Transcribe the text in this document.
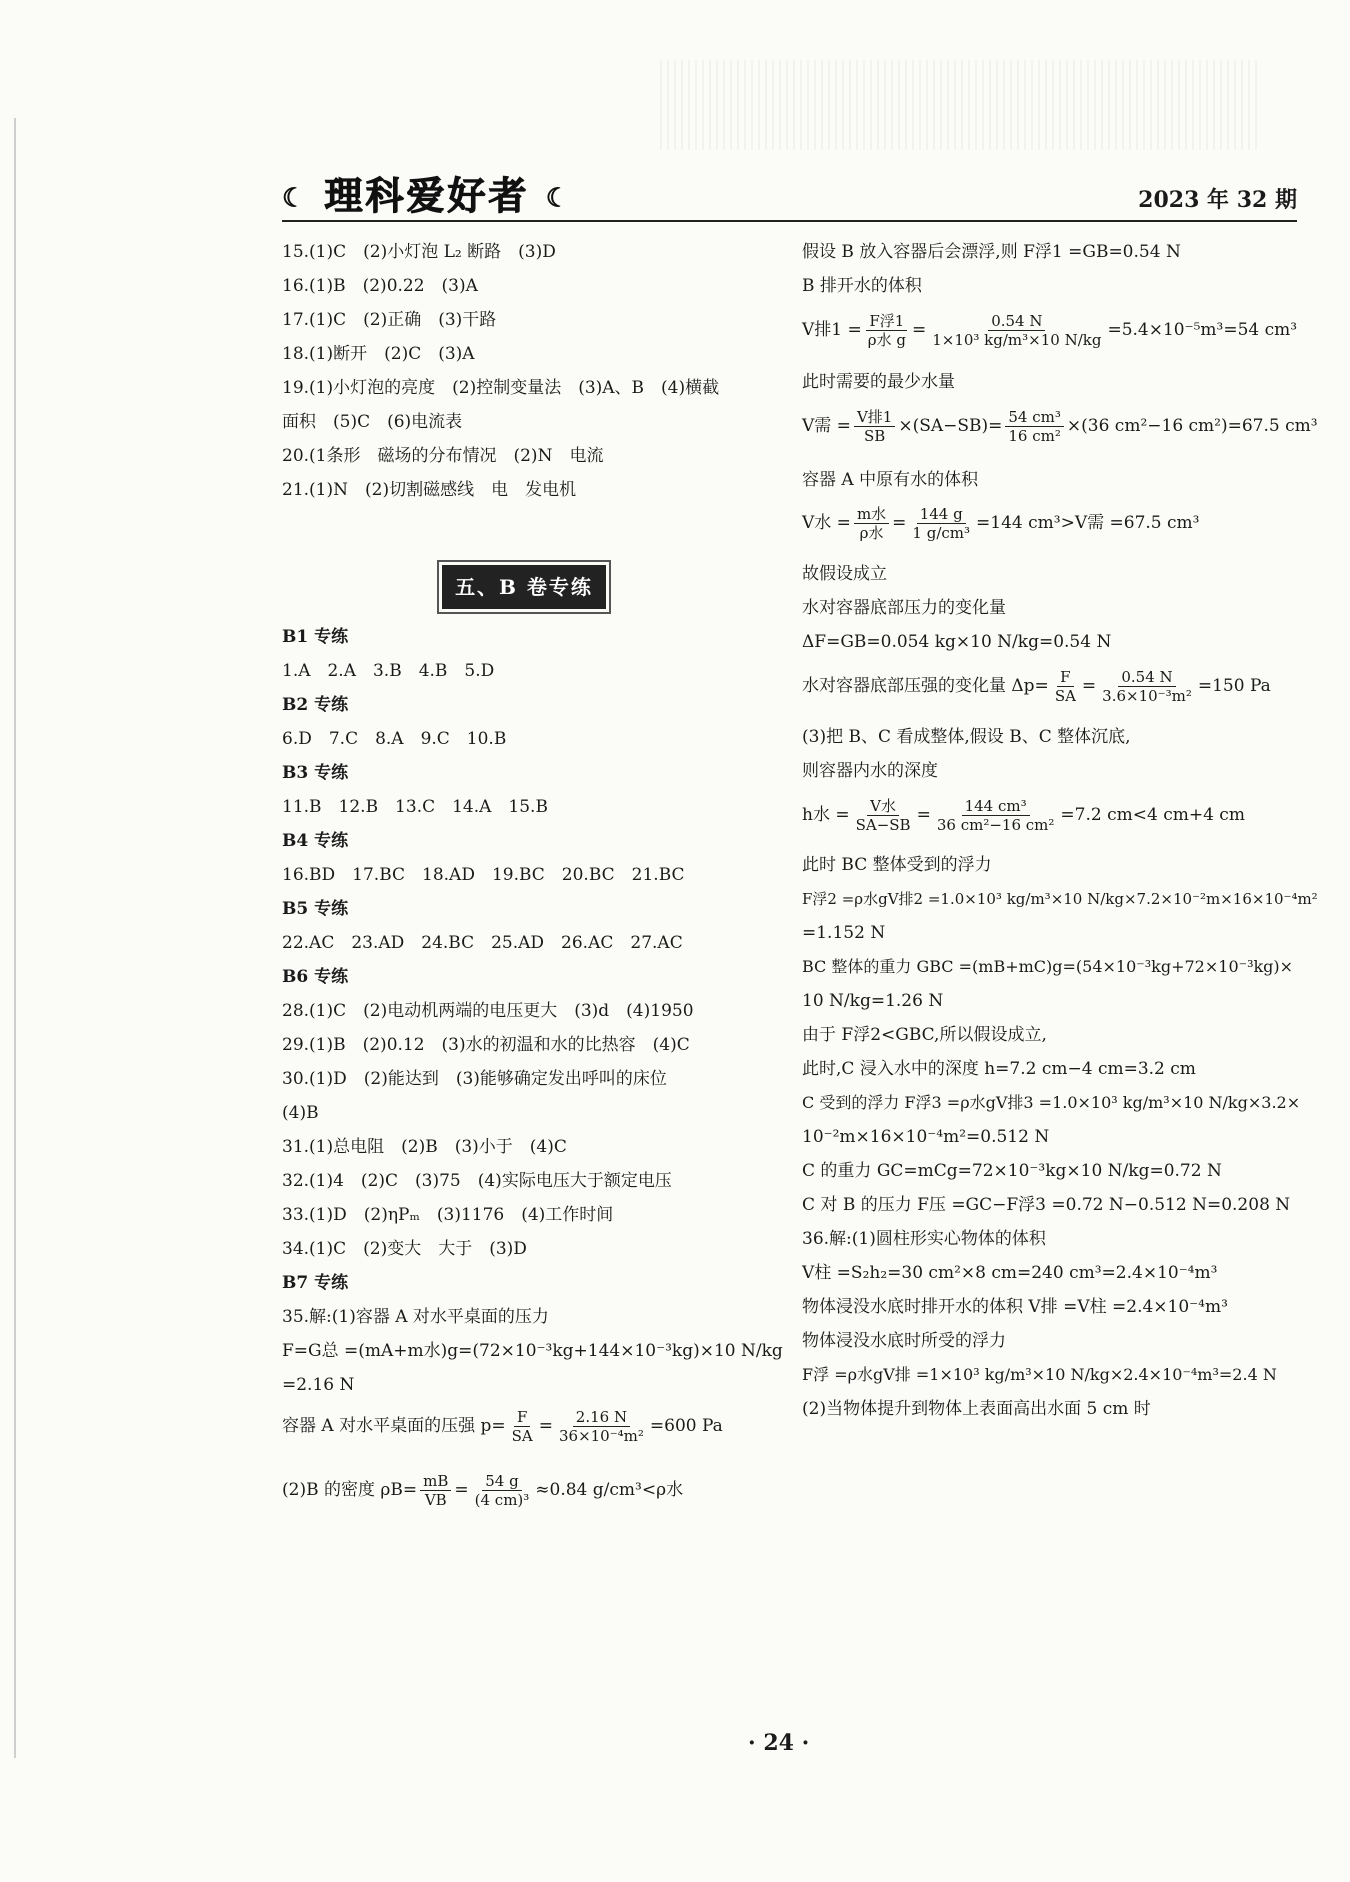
☾ 理科爱好者 ☾	2023 年 32 期
15.(1)C　(2)小灯泡 L₂ 断路　(3)D
16.(1)B　(2)0.22　(3)A
17.(1)C　(2)正确　(3)干路
18.(1)断开　(2)C　(3)A
19.(1)小灯泡的亮度　(2)控制变量法　(3)A、B　(4)横截
面积　(5)C　(6)电流表
20.(1条形　磁场的分布情况　(2)N　电流
21.(1)N　(2)切割磁感线　电　发电机
五、B 卷专练
B1 专练
1.A　2.A　3.B　4.B　5.D
B2 专练
6.D　7.C　8.A　9.C　10.B
B3 专练
11.B　12.B　13.C　14.A　15.B
B4 专练
16.BD　17.BC　18.AD　19.BC　20.BC　21.BC
B5 专练
22.AC　23.AD　24.BC　25.AD　26.AC　27.AC
B6 专练
28.(1)C　(2)电动机两端的电压更大　(3)d　(4)1950
29.(1)B　(2)0.12　(3)水的初温和水的比热容　(4)C
30.(1)D　(2)能达到　(3)能够确定发出呼叫的床位
(4)B
31.(1)总电阻　(2)B　(3)小于　(4)C
32.(1)4　(2)C　(3)75　(4)实际电压大于额定电压
33.(1)D　(2)ηPₘ　(3)1176　(4)工作时间
34.(1)C　(2)变大　大于　(3)D
B7 专练
35.解:(1)容器 A 对水平桌面的压力
F=G总 =(mA+m水)g=(72×10⁻³kg+144×10⁻³kg)×10 N/kg
=2.16 N
容器 A 对水平桌面的压强 $p= \frac{F}{SA} = \frac{2.16 N}{\text{36×10⁻⁴m²}} =600$ Pa
(2)B 的密度 $\rho B= \frac{mB}{VB} = \frac{54 g}{\text{(4 cm)³}} \approx 0.84$ g/cm³<ρ水
假设 B 放入容器后会漂浮,则 F浮1 =GB=0.54 N
B 排开水的体积
V排$1 = \frac{\text{F浮1}}{\text{ρ水 g}} = \frac{0.54 N}{\text{1×10³ kg/m³×10 N/kg}} =5.4\times 10^{-5}m^3=54$ cm³
此时需要的最少水量
V需 = $\frac{\text{V排1}}{SB} \times(SA-SB)= \frac{\text{54 cm³}}{\text{16 cm²}} \times(36$ cm²−16 cm²)=67.5 cm³
容器 A 中原有水的体积
V水 = $\frac{\text{m水}}{\text{ρ水}} = \frac{144 g}{\text{1 g/cm³}} =144$ cm³>V需 =67.5 cm³
故假设成立
水对容器底部压力的变化量
ΔF=GB=0.054 kg×10 N/kg=0.54 N
水对容器底部压强的变化量 $\Delta p= \frac{F}{SA} = \frac{0.54 N}{\text{3.6×10⁻³m²}} =150$ Pa
(3)把 B、C 看成整体,假设 B、C 整体沉底,
则容器内水的深度
h水 = $\frac{\text{V水}}{SA-SB} = \frac{\text{144 cm³}}{\text{36 cm²−16 cm²}} =7.2$ cm<4 cm+4 cm
此时 BC 整体受到的浮力
F浮2 =ρ水gV排2 =1.0×10³ kg/m³×10 N/kg×7.2×10⁻²m×16×10⁻⁴m²
=1.152 N
BC 整体的重力 GBC =(mB+mC)g=(54×10⁻³kg+72×10⁻³kg)×
10 N/kg=1.26 N
由于 F浮2<GBC,所以假设成立,
此时,C 浸入水中的深度 h=7.2 cm−4 cm=3.2 cm
C 受到的浮力 F浮3 =ρ水gV排3 =1.0×10³ kg/m³×10 N/kg×3.2×
10⁻²m×16×10⁻⁴m²=0.512 N
C 的重力 GC=mCg=72×10⁻³kg×10 N/kg=0.72 N
C 对 B 的压力 F压 =GC−F浮3 =0.72 N−0.512 N=0.208 N
36.解:(1)圆柱形实心物体的体积
V柱 =S₂h₂=30 cm²×8 cm=240 cm³=2.4×10⁻⁴m³
物体浸没水底时排开水的体积 V排 =V柱 =2.4×10⁻⁴m³
物体浸没水底时所受的浮力
F浮 =ρ水gV排 =1×10³ kg/m³×10 N/kg×2.4×10⁻⁴m³=2.4 N
(2)当物体提升到物体上表面高出水面 5 cm 时
· 24 ·
